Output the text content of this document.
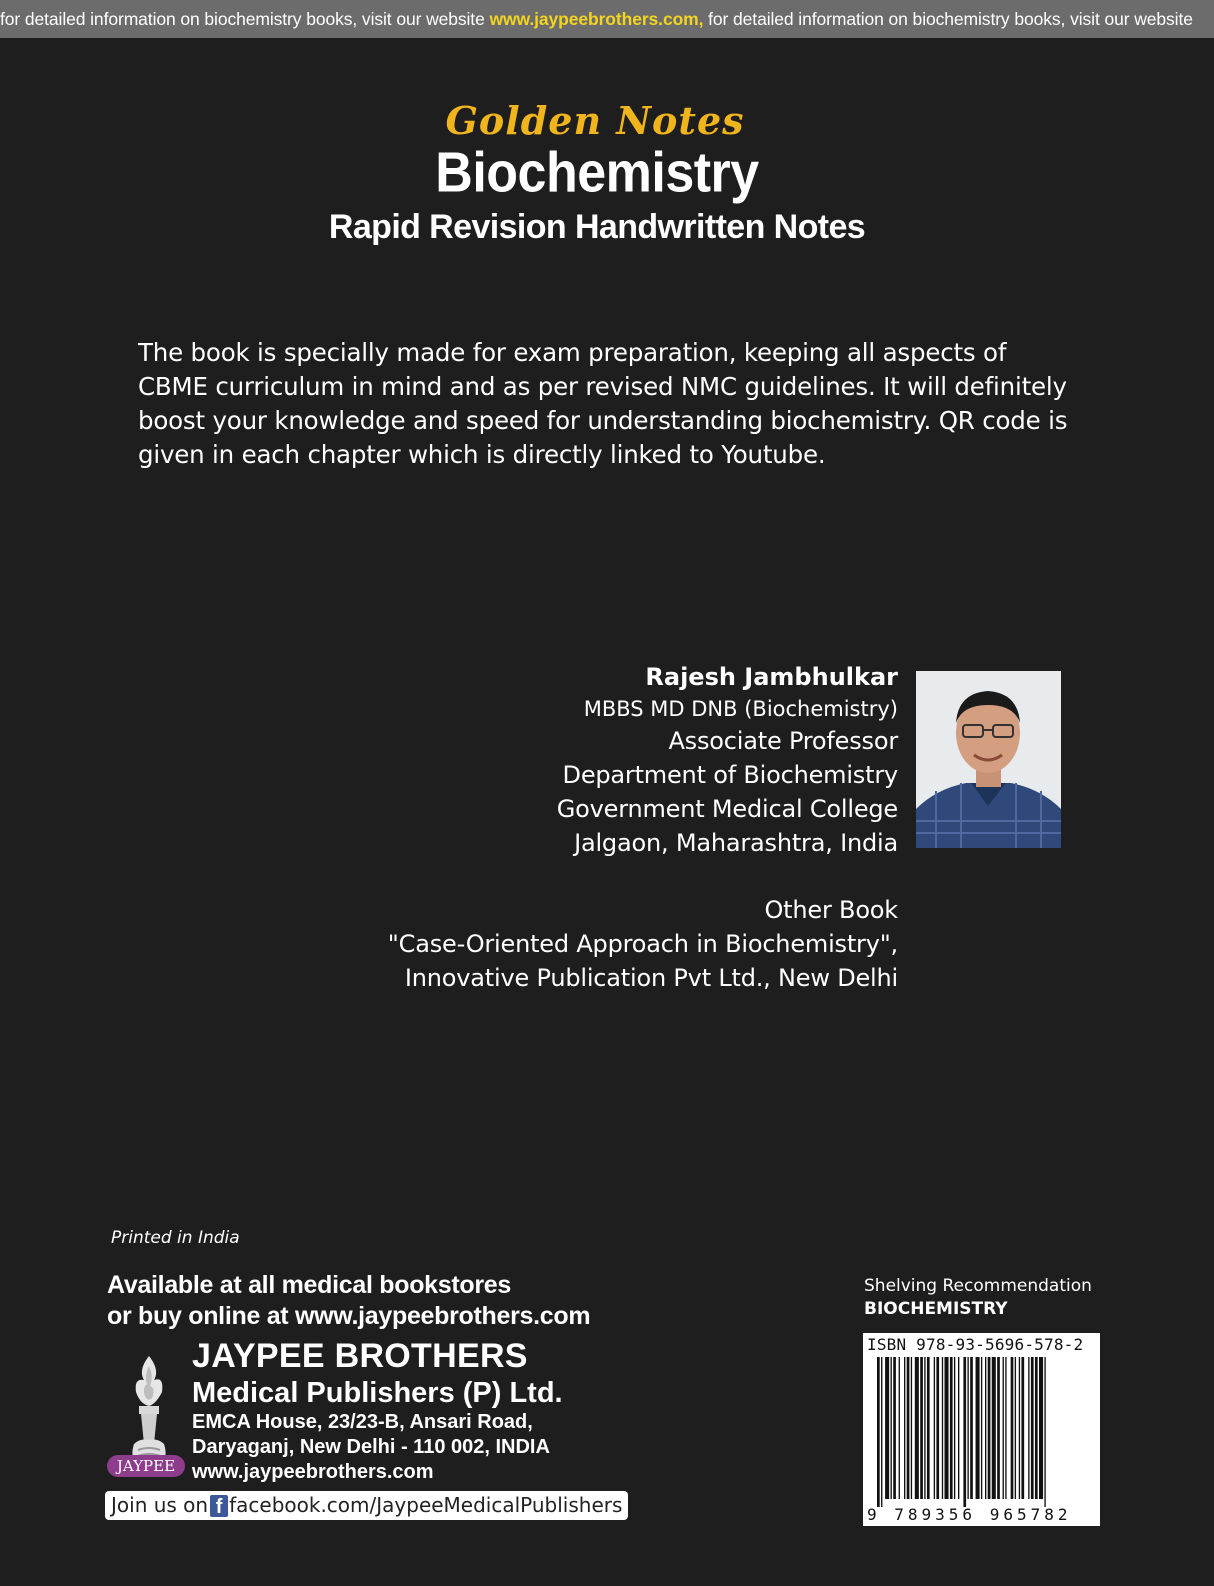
for detailed information on biochemistry books, visit our website www.jaypeebrothers.com, for detailed information on biochemistry books, visit our website
Golden Notes
Biochemistry
Rapid Revision Handwritten Notes
The book is specially made for exam preparation, keeping all aspects of CBME curriculum in mind and as per revised NMC guidelines. It will definitely boost your knowledge and speed for understanding biochemistry. QR code is given in each chapter which is directly linked to Youtube.
Rajesh Jambhulkar
MBBS MD DNB (Biochemistry)
Associate Professor
Department of Biochemistry
Government Medical College
Jalgaon, Maharashtra, India
Other Book
"Case-Oriented Approach in Biochemistry",
Innovative Publication Pvt Ltd., New Delhi
Printed in India
Available at all medical bookstores
or buy online at www.jaypeebrothers.com
JAYPEE
JAYPEE BROTHERS
Medical Publishers (P) Ltd.
EMCA House, 23/23-B, Ansari Road,
Daryaganj, New Delhi - 110 002, INDIA
www.jaypeebrothers.com
Join us on f facebook.com/JaypeeMedicalPublishers
Shelving Recommendation
BIOCHEMISTRY
ISBN 978-93-5696-578-2
9 789356 965782
